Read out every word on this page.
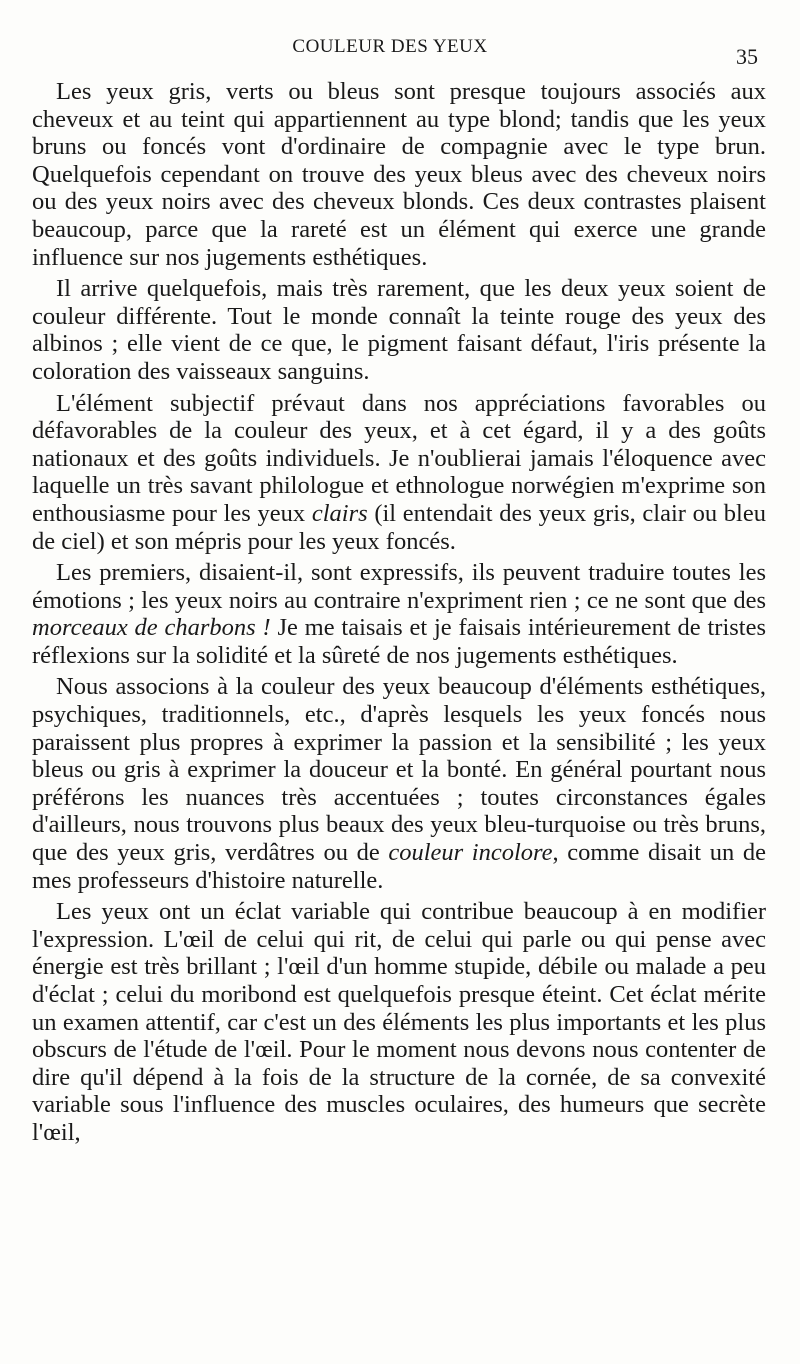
COULEUR DES YEUX	35

Les yeux gris, verts ou bleus sont presque toujours associés aux cheveux et au teint qui appartiennent au type blond; tandis que les yeux bruns ou foncés vont d'ordinaire de compagnie avec le type brun. Quelquefois cependant on trouve des yeux bleus avec des cheveux noirs ou des yeux noirs avec des cheveux blonds. Ces deux contrastes plaisent beaucoup, parce que la rareté est un élément qui exerce une grande influence sur nos jugements esthétiques.

Il arrive quelquefois, mais très rarement, que les deux yeux soient de couleur différente. Tout le monde connaît la teinte rouge des yeux des albinos ; elle vient de ce que, le pigment faisant défaut, l'iris présente la coloration des vaisseaux sanguins.

L'élément subjectif prévaut dans nos appréciations favorables ou défavorables de la couleur des yeux, et à cet égard, il y a des goûts nationaux et des goûts individuels. Je n'oublierai jamais l'éloquence avec laquelle un très savant philologue et ethnologue norwégien m'exprime son enthousiasme pour les yeux clairs (il entendait des yeux gris, clair ou bleu de ciel) et son mépris pour les yeux foncés.

Les premiers, disaient-il, sont expressifs, ils peuvent traduire toutes les émotions ; les yeux noirs au contraire n'expriment rien ; ce ne sont que des morceaux de charbons ! Je me taisais et je faisais intérieurement de tristes réflexions sur la solidité et la sûreté de nos jugements esthétiques.

Nous associons à la couleur des yeux beaucoup d'éléments esthétiques, psychiques, traditionnels, etc., d'après lesquels les yeux foncés nous paraissent plus propres à exprimer la passion et la sensibilité ; les yeux bleus ou gris à exprimer la douceur et la bonté. En général pourtant nous préférons les nuances très accentuées ; toutes circonstances égales d'ailleurs, nous trouvons plus beaux des yeux bleu-turquoise ou très bruns, que des yeux gris, verdâtres ou de couleur incolore, comme disait un de mes professeurs d'histoire naturelle.

Les yeux ont un éclat variable qui contribue beaucoup à en modifier l'expression. L'œil de celui qui rit, de celui qui parle ou qui pense avec énergie est très brillant ; l'œil d'un homme stupide, débile ou malade a peu d'éclat ; celui du moribond est quelquefois presque éteint. Cet éclat mérite un examen attentif, car c'est un des éléments les plus importants et les plus obscurs de l'étude de l'œil. Pour le moment nous devons nous contenter de dire qu'il dépend à la fois de la structure de la cornée, de sa convexité variable sous l'influence des muscles oculaires, des humeurs que secrète l'œil,
